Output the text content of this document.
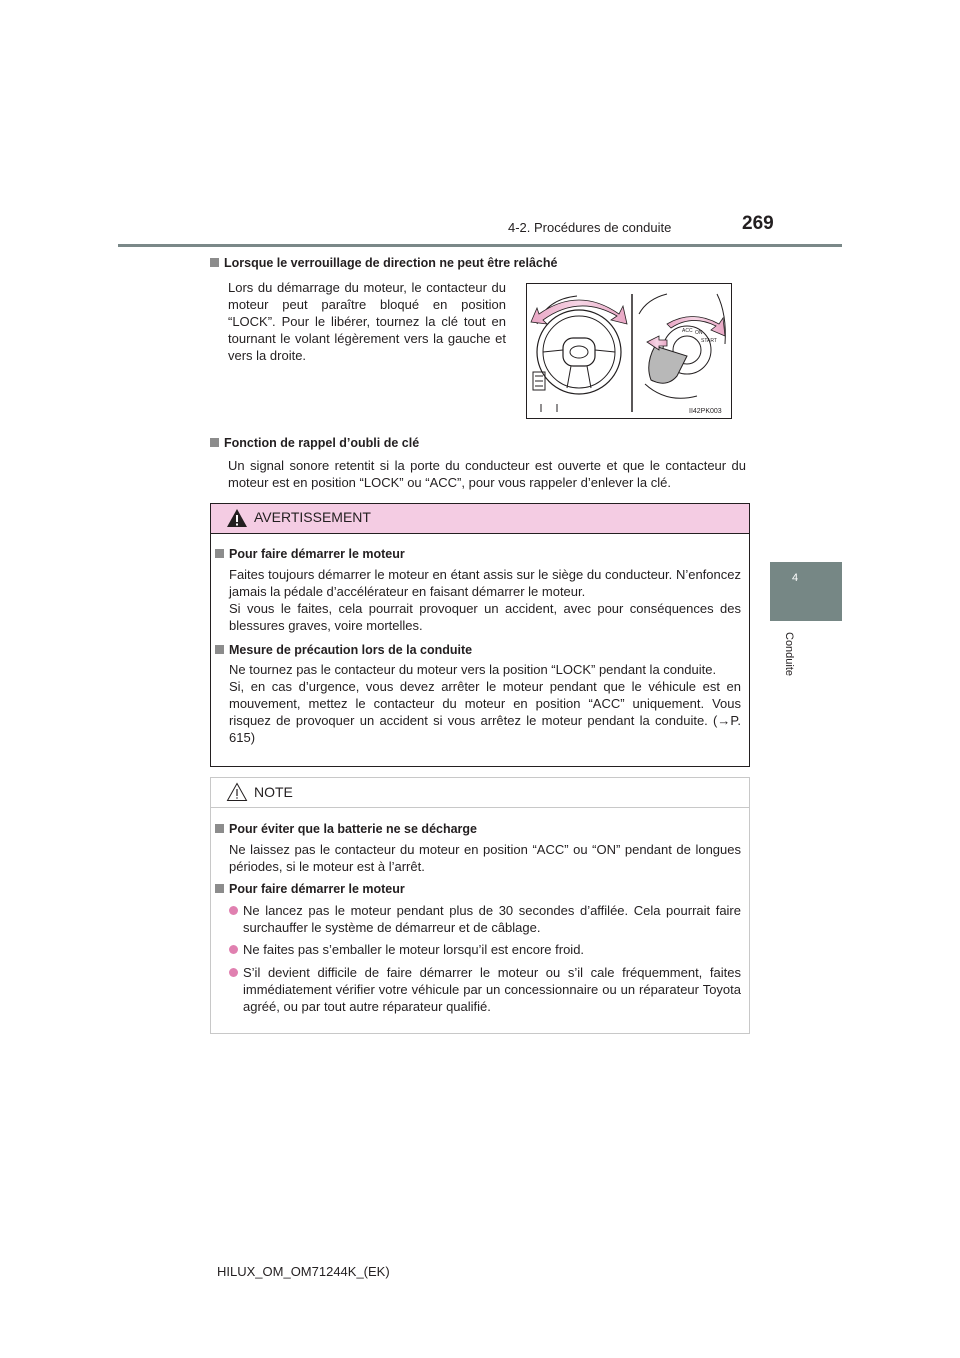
4-2. Procédures de conduite	269
4
Conduite
Lorsque le verrouillage de direction ne peut être relâché
Lors du démarrage du moteur, le contacteur du moteur peut paraître bloqué en position “LOCK”. Pour le libérer, tournez la clé tout en tournant le volant légèrement vers la gauche et vers la droite.
ACC ON
START
II42PK003
Fonction de rappel d’oubli de clé
Un signal sonore retentit si la porte du conducteur est ouverte et que le contacteur du moteur est en position “LOCK” ou “ACC”, pour vous rappeler d’enlever la clé.
AVERTISSEMENT
Pour faire démarrer le moteur
Faites toujours démarrer le moteur en étant assis sur le siège du conducteur. N’enfoncez jamais la pédale d’accélérateur en faisant démarrer le moteur.
Si vous le faites, cela pourrait provoquer un accident, avec pour conséquences des blessures graves, voire mortelles.
Mesure de précaution lors de la conduite
Ne tournez pas le contacteur du moteur vers la position “LOCK” pendant la conduite.
Si, en cas d’urgence, vous devez arrêter le moteur pendant que le véhicule est en mouvement, mettez le contacteur du moteur en position “ACC” uniquement. Vous risquez de provoquer un accident si vous arrêtez le moteur pendant la conduite. (→P. 615)
NOTE
Pour éviter que la batterie ne se décharge
Ne laissez pas le contacteur du moteur en position “ACC” ou “ON” pendant de longues périodes, si le moteur est à l’arrêt.
Pour faire démarrer le moteur
Ne lancez pas le moteur pendant plus de 30 secondes d’affilée. Cela pourrait faire surchauffer le système de démarreur et de câblage.
Ne faites pas s’emballer le moteur lorsqu’il est encore froid.
S’il devient difficile de faire démarrer le moteur ou s’il cale fréquemment, faites immédiatement vérifier votre véhicule par un concessionnaire ou un réparateur Toyota agréé, ou par tout autre réparateur qualifié.
HILUX_OM_OM71244K_(EK)
